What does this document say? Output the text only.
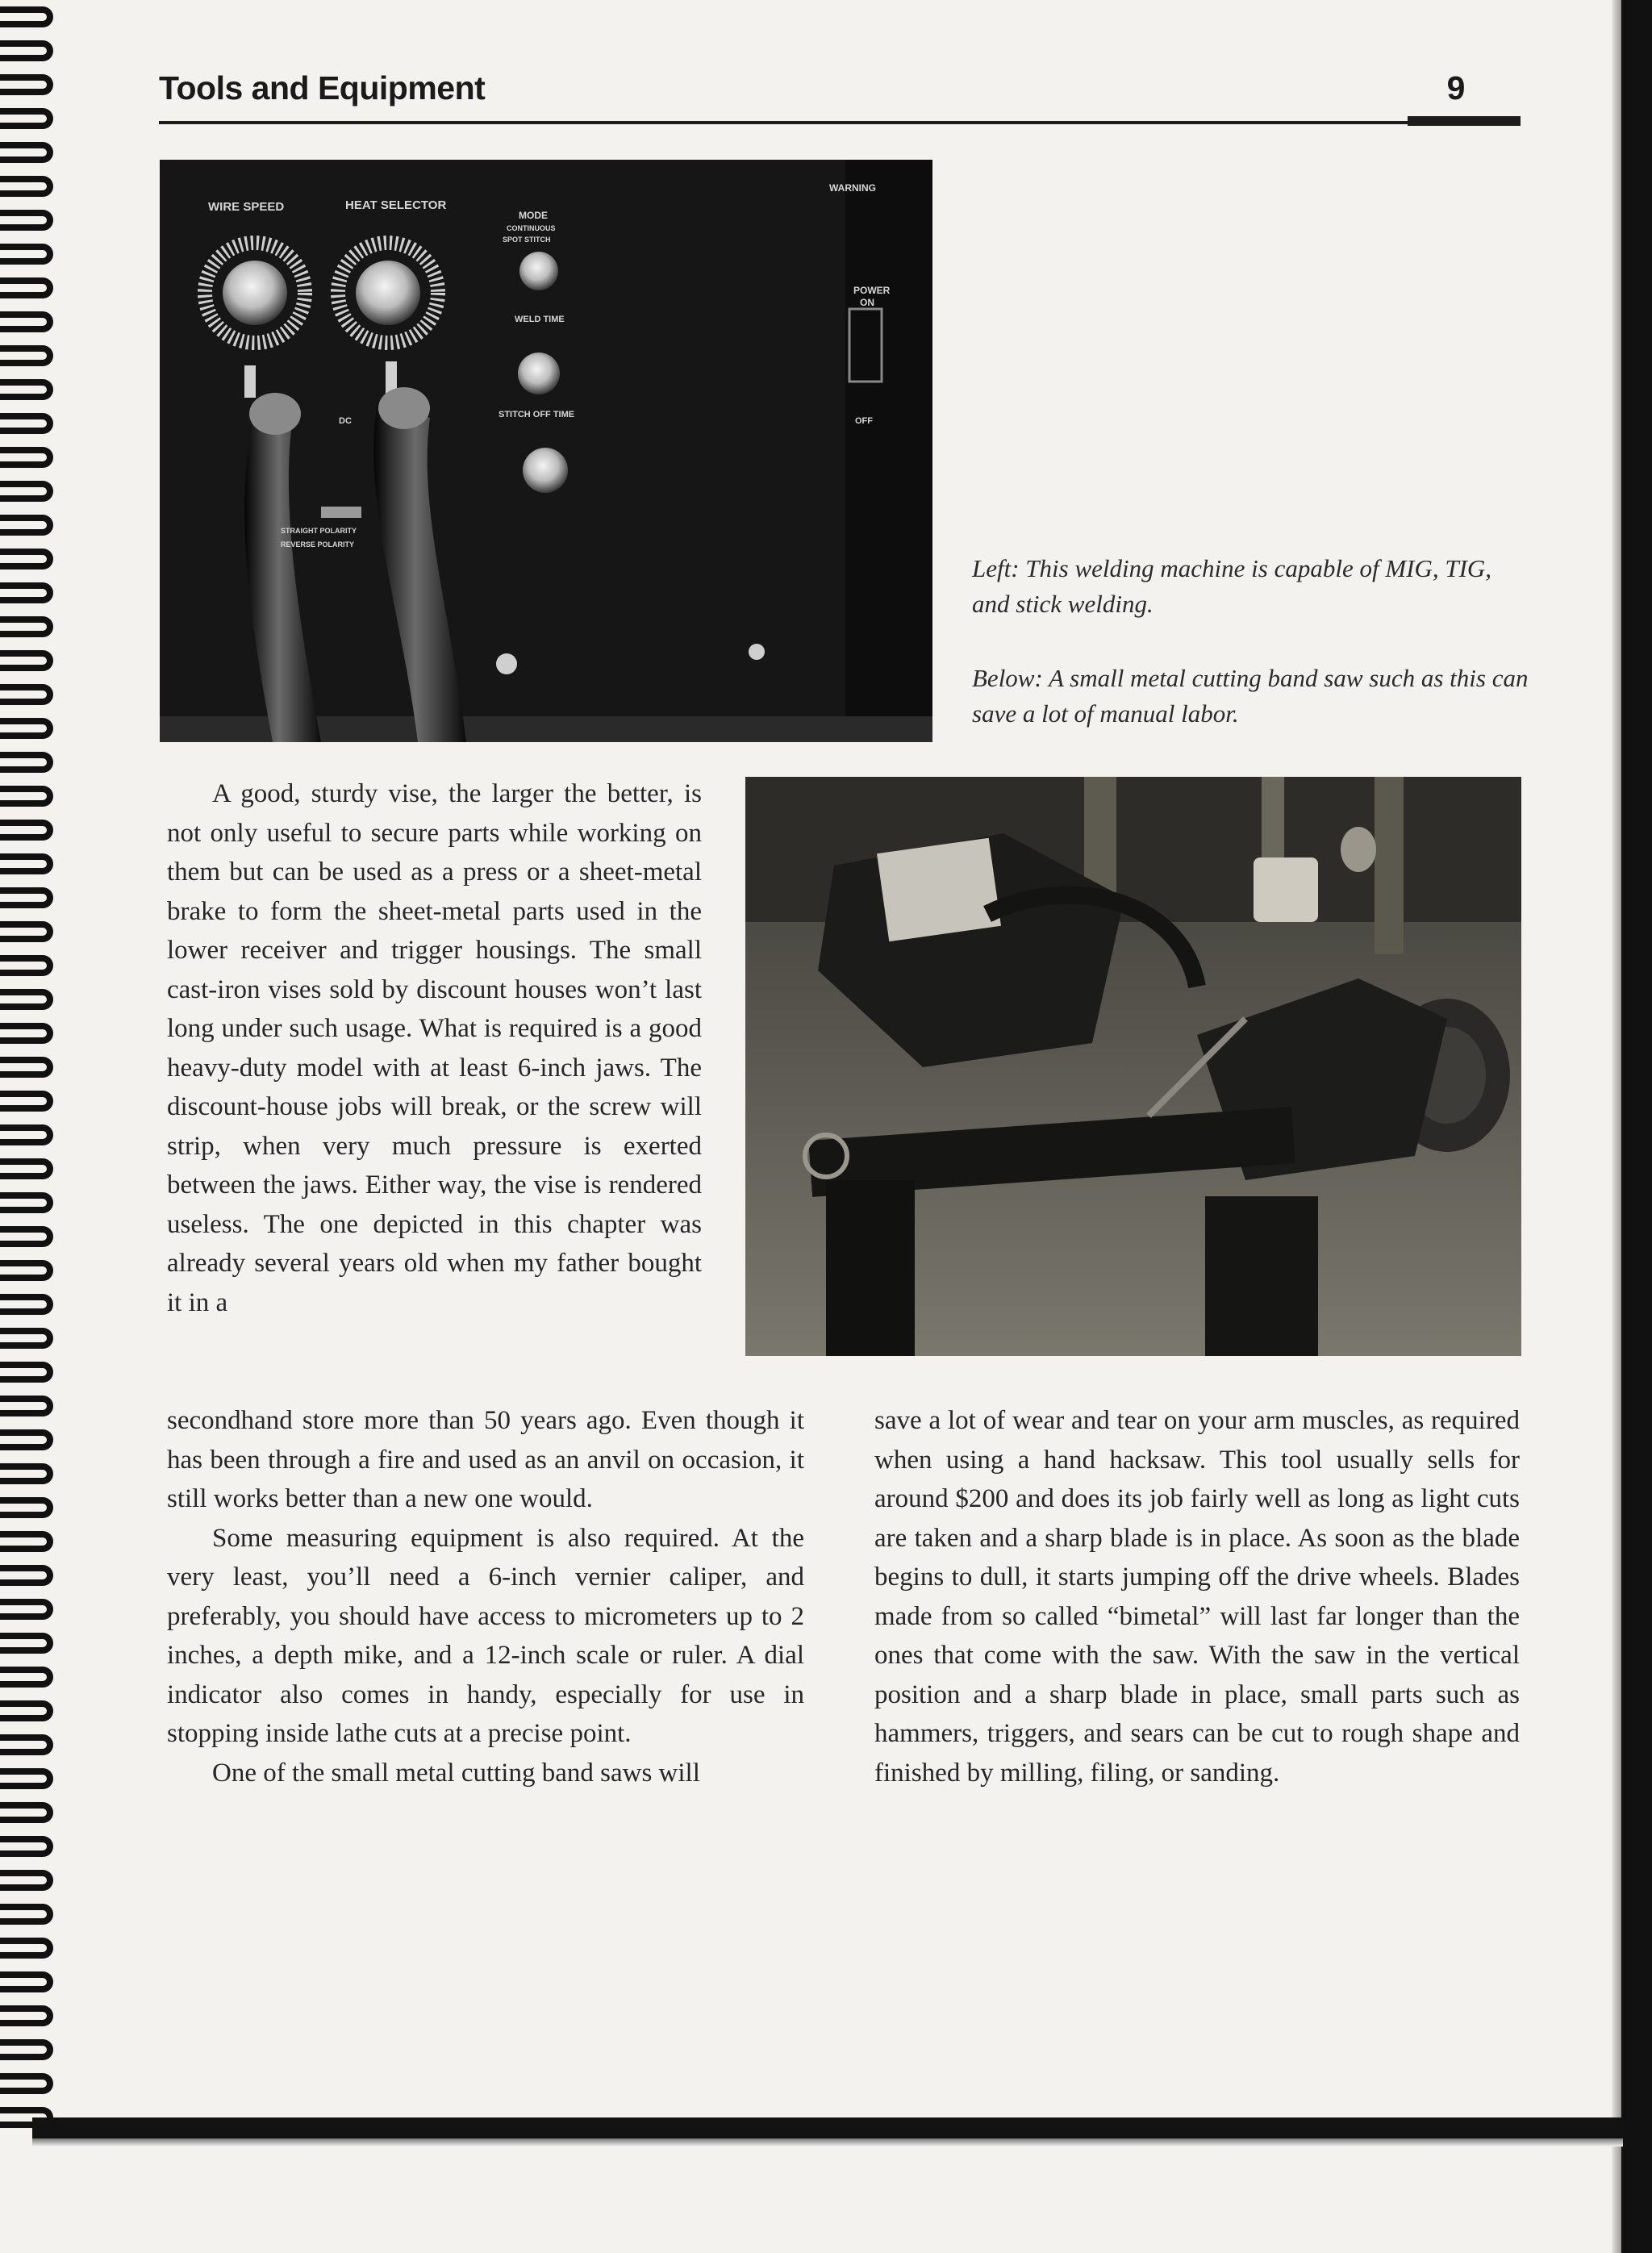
Tools and Equipment	9
WIRE SPEED	HEAT SELECTOR
MODE
CONTINUOUS
SPOT STITCH
WELD TIME
STITCH OFF TIME
WARNING
POWER
ON
OFF
DC
STRAIGHT POLARITY
REVERSE POLARITY
Left: This welding machine is capable of MIG, TIG, and stick welding.
Below: A small metal cutting band saw such as this can save a lot of manual labor.

A good, sturdy vise, the larger the better, is not only useful to secure parts while working on them but can be used as a press or a sheet-metal brake to form the sheet-metal parts used in the lower receiver and trigger housings. The small cast-iron vises sold by discount houses won’t last long under such usage. What is required is a good heavy-duty model with at least 6-inch jaws. The discount-house jobs will break, or the screw will strip, when very much pressure is exerted between the jaws. Either way, the vise is rendered useless. The one depicted in this chapter was already several years old when my father bought it in a

secondhand store more than 50 years ago. Even though it has been through a fire and used as an anvil on occasion, it still works better than a new one would.

Some measuring equipment is also required. At the very least, you’ll need a 6-inch vernier caliper, and preferably, you should have access to micrometers up to 2 inches, a depth mike, and a 12-inch scale or ruler. A dial indicator also comes in handy, especially for use in stopping inside lathe cuts at a precise point.

One of the small metal cutting band saws will

save a lot of wear and tear on your arm muscles, as required when using a hand hacksaw. This tool usually sells for around $200 and does its job fairly well as long as light cuts are taken and a sharp blade is in place. As soon as the blade begins to dull, it starts jumping off the drive wheels. Blades made from so called “bimetal” will last far longer than the ones that come with the saw. With the saw in the vertical position and a sharp blade in place, small parts such as hammers, triggers, and sears can be cut to rough shape and finished by milling, filing, or sanding.
